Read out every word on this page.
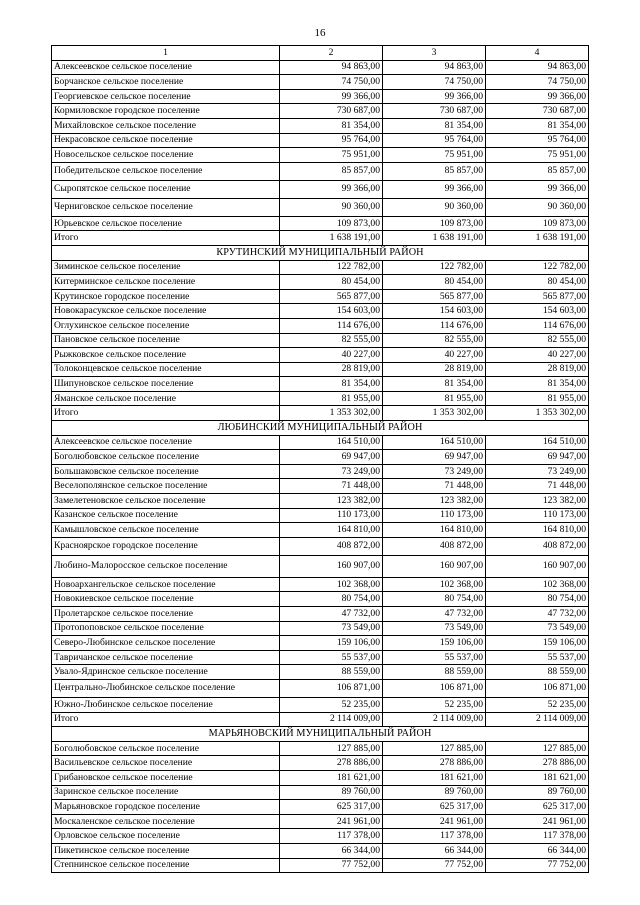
16
1	2	3	4
Алексеевское сельское поселение	94 863,00	94 863,00	94 863,00
Борчанское сельское поселение	74 750,00	74 750,00	74 750,00
Георгиевское сельское поселение	99 366,00	99 366,00	99 366,00
Кормиловское городское поселение	730 687,00	730 687,00	730 687,00
Михайловское сельское поселение	81 354,00	81 354,00	81 354,00
Некрасовское сельское поселение	95 764,00	95 764,00	95 764,00
Новосельское сельское поселение	75 951,00	75 951,00	75 951,00
Победительское сельское поселение	85 857,00	85 857,00	85 857,00
Сыропятское сельское поселение	99 366,00	99 366,00	99 366,00
Черниговское сельское поселение	90 360,00	90 360,00	90 360,00
Юрьевское сельское поселение	109 873,00	109 873,00	109 873,00
Итого	1 638 191,00	1 638 191,00	1 638 191,00
КРУТИНСКИЙ МУНИЦИПАЛЬНЫЙ РАЙОН			
Зиминское сельское поселение	122 782,00	122 782,00	122 782,00
Китерминское сельское поселение	80 454,00	80 454,00	80 454,00
Крутинское городское поселение	565 877,00	565 877,00	565 877,00
Новокарасукское сельское поселение	154 603,00	154 603,00	154 603,00
Оглухинское сельское поселение	114 676,00	114 676,00	114 676,00
Пановское сельское поселение	82 555,00	82 555,00	82 555,00
Рыжковское сельское поселение	40 227,00	40 227,00	40 227,00
Толоконцевское сельское поселение	28 819,00	28 819,00	28 819,00
Шипуновское сельское поселение	81 354,00	81 354,00	81 354,00
Яманское сельское поселение	81 955,00	81 955,00	81 955,00
Итого	1 353 302,00	1 353 302,00	1 353 302,00
ЛЮБИНСКИЙ МУНИЦИПАЛЬНЫЙ РАЙОН			
Алексеевское сельское поселение	164 510,00	164 510,00	164 510,00
Боголюбовское сельское поселение	69 947,00	69 947,00	69 947,00
Большаковское сельское поселение	73 249,00	73 249,00	73 249,00
Веселополянское сельское поселение	71 448,00	71 448,00	71 448,00
Замелетеновское сельское поселение	123 382,00	123 382,00	123 382,00
Казанское сельское поселение	110 173,00	110 173,00	110 173,00
Камышловское сельское поселение	164 810,00	164 810,00	164 810,00
Красноярское городское поселение	408 872,00	408 872,00	408 872,00
Любино-Малоросское сельское поселение	160 907,00	160 907,00	160 907,00
Новоархангельское сельское поселение	102 368,00	102 368,00	102 368,00
Новокиевское сельское поселение	80 754,00	80 754,00	80 754,00
Пролетарское сельское поселение	47 732,00	47 732,00	47 732,00
Протопоповское сельское поселение	73 549,00	73 549,00	73 549,00
Северо-Любинское сельское поселение	159 106,00	159 106,00	159 106,00
Тавричанское сельское поселение	55 537,00	55 537,00	55 537,00
Увало-Ядринское сельское поселение	88 559,00	88 559,00	88 559,00
Центрально-Любинское сельское поселение	106 871,00	106 871,00	106 871,00
Южно-Любинское сельское поселение	52 235,00	52 235,00	52 235,00
Итого	2 114 009,00	2 114 009,00	2 114 009,00
МАРЬЯНОВСКИЙ МУНИЦИПАЛЬНЫЙ РАЙОН			
Боголюбовское сельское поселение	127 885,00	127 885,00	127 885,00
Васильевское сельское поселение	278 886,00	278 886,00	278 886,00
Грибановское сельское поселение	181 621,00	181 621,00	181 621,00
Заринское сельское поселение	89 760,00	89 760,00	89 760,00
Марьяновское городское поселение	625 317,00	625 317,00	625 317,00
Москаленское сельское поселение	241 961,00	241 961,00	241 961,00
Орловское сельское поселение	117 378,00	117 378,00	117 378,00
Пикетинское сельское поселение	66 344,00	66 344,00	66 344,00
Степнинское сельское поселение	77 752,00	77 752,00	77 752,00
